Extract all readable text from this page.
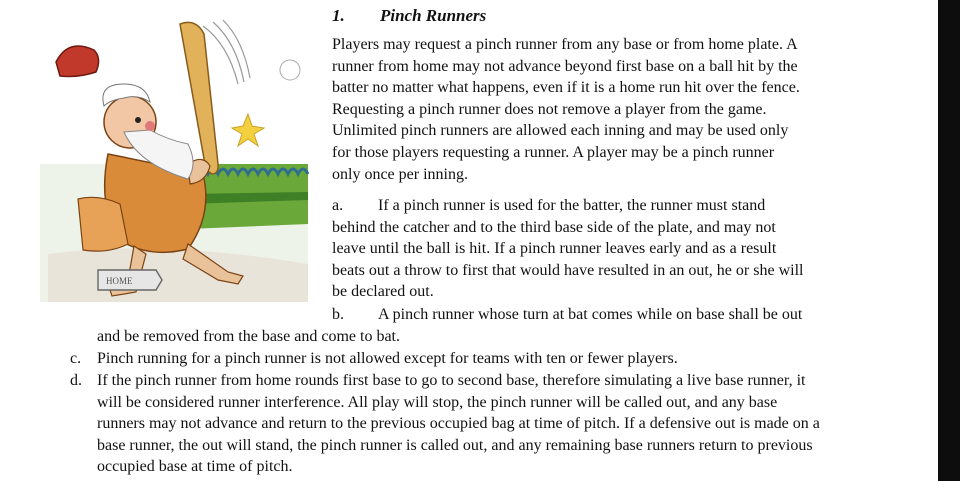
HOME
1. Pinch Runners

Players may request a pinch runner from any base or from home plate. A
runner from home may not advance beyond first base on a ball hit by the
batter no matter what happens, even if it is a home run hit over the fence.
Requesting a pinch runner does not remove a player from the game.
Unlimited pinch runners are allowed each inning and may be used only
for those players requesting a runner. A player may be a pinch runner
only once per inning.

a. If a pinch runner is used for the batter, the runner must stand
behind the catcher and to the third base side of the plate, and may not
leave until the ball is hit. If a pinch runner leaves early and as a result
beats out a throw to first that would have resulted in an out, he or she will
be declared out.

b. A pinch runner whose turn at bat comes while on base shall be out

and be removed from the base and come to bat.

c. Pinch running for a pinch runner is not allowed except for teams with ten or fewer players.

d. If the pinch runner from home rounds first base to go to second base, therefore simulating a live base runner, it
will be considered runner interference. All play will stop, the pinch runner will be called out, and any base
runners may not advance and return to the previous occupied bag at time of pitch. If a defensive out is made on a
base runner, the out will stand, the pinch runner is called out, and any remaining base runners return to previous
occupied base at time of pitch.
